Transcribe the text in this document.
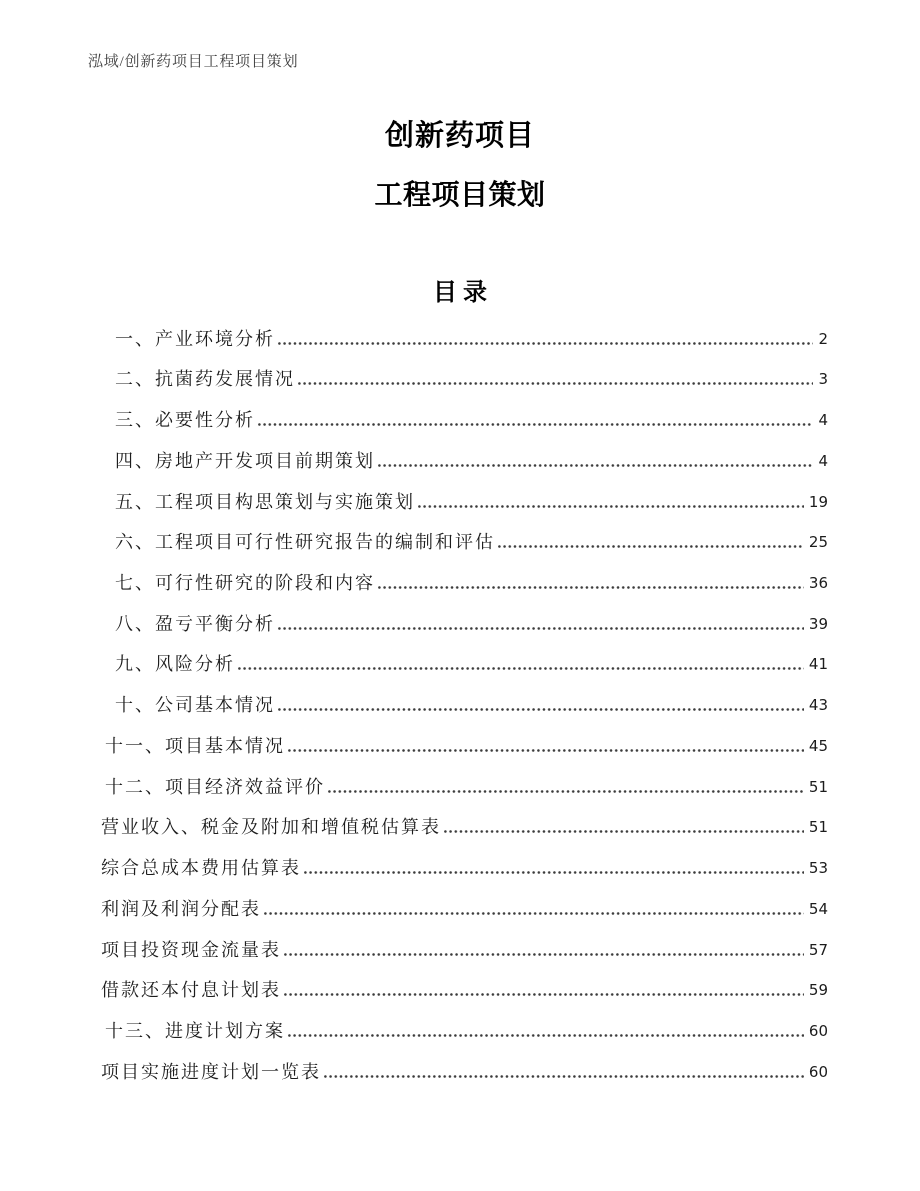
泓域/创新药项目工程项目策划
创新药项目
工程项目策划
目录
一、产业环境分析	2
二、抗菌药发展情况	3
三、必要性分析	4
四、房地产开发项目前期策划	4
五、工程项目构思策划与实施策划	19
六、工程项目可行性研究报告的编制和评估	25
七、可行性研究的阶段和内容	36
八、盈亏平衡分析	39
九、风险分析	41
十、公司基本情况	43
十一、项目基本情况	45
十二、项目经济效益评价	51
营业收入、税金及附加和增值税估算表	51
综合总成本费用估算表	53
利润及利润分配表	54
项目投资现金流量表	57
借款还本付息计划表	59
十三、进度计划方案	60
项目实施进度计划一览表	60
